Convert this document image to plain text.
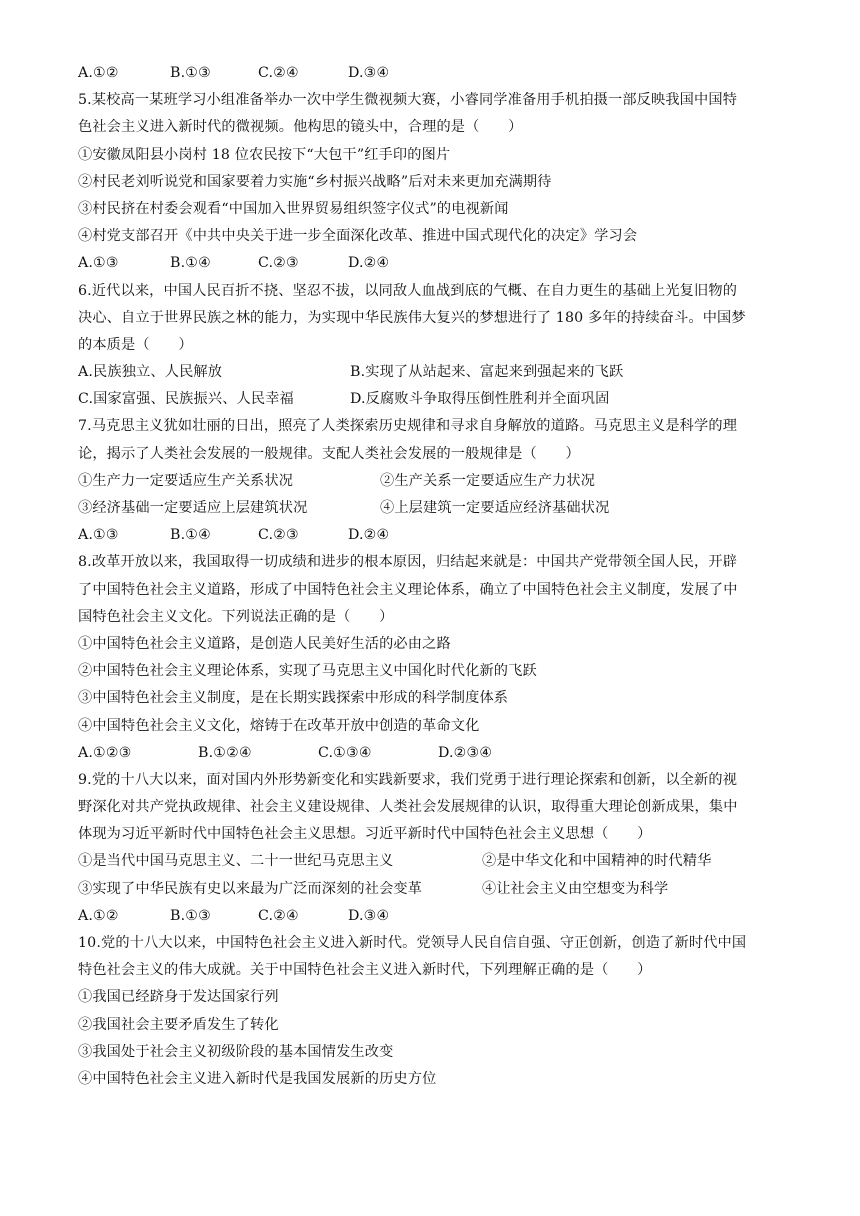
A.①②	B.①③	C.②④	D.③④
5.某校高一某班学习小组准备举办一次中学生微视频大赛，小睿同学准备用手机拍摄一部反映我国中国特
色社会主义进入新时代的微视频。他构思的镜头中，合理的是（　　）
①安徽凤阳县小岗村 18 位农民按下“大包干”红手印的图片
②村民老刘听说党和国家要着力实施“乡村振兴战略”后对未来更加充满期待
③村民挤在村委会观看“中国加入世界贸易组织签字仪式”的电视新闻
④村党支部召开《中共中央关于进一步全面深化改革、推进中国式现代化的决定》学习会
A.①③	B.①④	C.②③	D.②④
6.近代以来，中国人民百折不挠、坚忍不拔，以同敌人血战到底的气概、在自力更生的基础上光复旧物的
决心、自立于世界民族之林的能力，为实现中华民族伟大复兴的梦想进行了 180 多年的持续奋斗。中国梦
的本质是（　　）
A.民族独立、人民解放	B.实现了从站起来、富起来到强起来的飞跃
C.国家富强、民族振兴、人民幸福	D.反腐败斗争取得压倒性胜利并全面巩固
7.马克思主义犹如壮丽的日出，照亮了人类探索历史规律和寻求自身解放的道路。马克思主义是科学的理
论，揭示了人类社会发展的一般规律。支配人类社会发展的一般规律是（　　）
①生产力一定要适应生产关系状况	②生产关系一定要适应生产力状况
③经济基础一定要适应上层建筑状况	④上层建筑一定要适应经济基础状况
A.①③	B.①④	C.②③	D.②④
8.改革开放以来，我国取得一切成绩和进步的根本原因，归结起来就是：中国共产党带领全国人民，开辟
了中国特色社会主义道路，形成了中国特色社会主义理论体系，确立了中国特色社会主义制度，发展了中
国特色社会主义文化。下列说法正确的是（　　）
①中国特色社会主义道路，是创造人民美好生活的必由之路
②中国特色社会主义理论体系，实现了马克思主义中国化时代化新的飞跃
③中国特色社会主义制度，是在长期实践探索中形成的科学制度体系
④中国特色社会主义文化，熔铸于在改革开放中创造的革命文化
A.①②③	B.①②④	C.①③④	D.②③④
9.党的十八大以来，面对国内外形势新变化和实践新要求，我们党勇于进行理论探索和创新，以全新的视
野深化对共产党执政规律、社会主义建设规律、人类社会发展规律的认识，取得重大理论创新成果，集中
体现为习近平新时代中国特色社会主义思想。习近平新时代中国特色社会主义思想（　　）
①是当代中国马克思主义、二十一世纪马克思主义	②是中华文化和中国精神的时代精华
③实现了中华民族有史以来最为广泛而深刻的社会变革	④让社会主义由空想变为科学
A.①②	B.①③	C.②④	D.③④
10.党的十八大以来，中国特色社会主义进入新时代。党领导人民自信自强、守正创新，创造了新时代中国
特色社会主义的伟大成就。关于中国特色社会主义进入新时代，下列理解正确的是（　　）
①我国已经跻身于发达国家行列
②我国社会主要矛盾发生了转化
③我国处于社会主义初级阶段的基本国情发生改变
④中国特色社会主义进入新时代是我国发展新的历史方位
